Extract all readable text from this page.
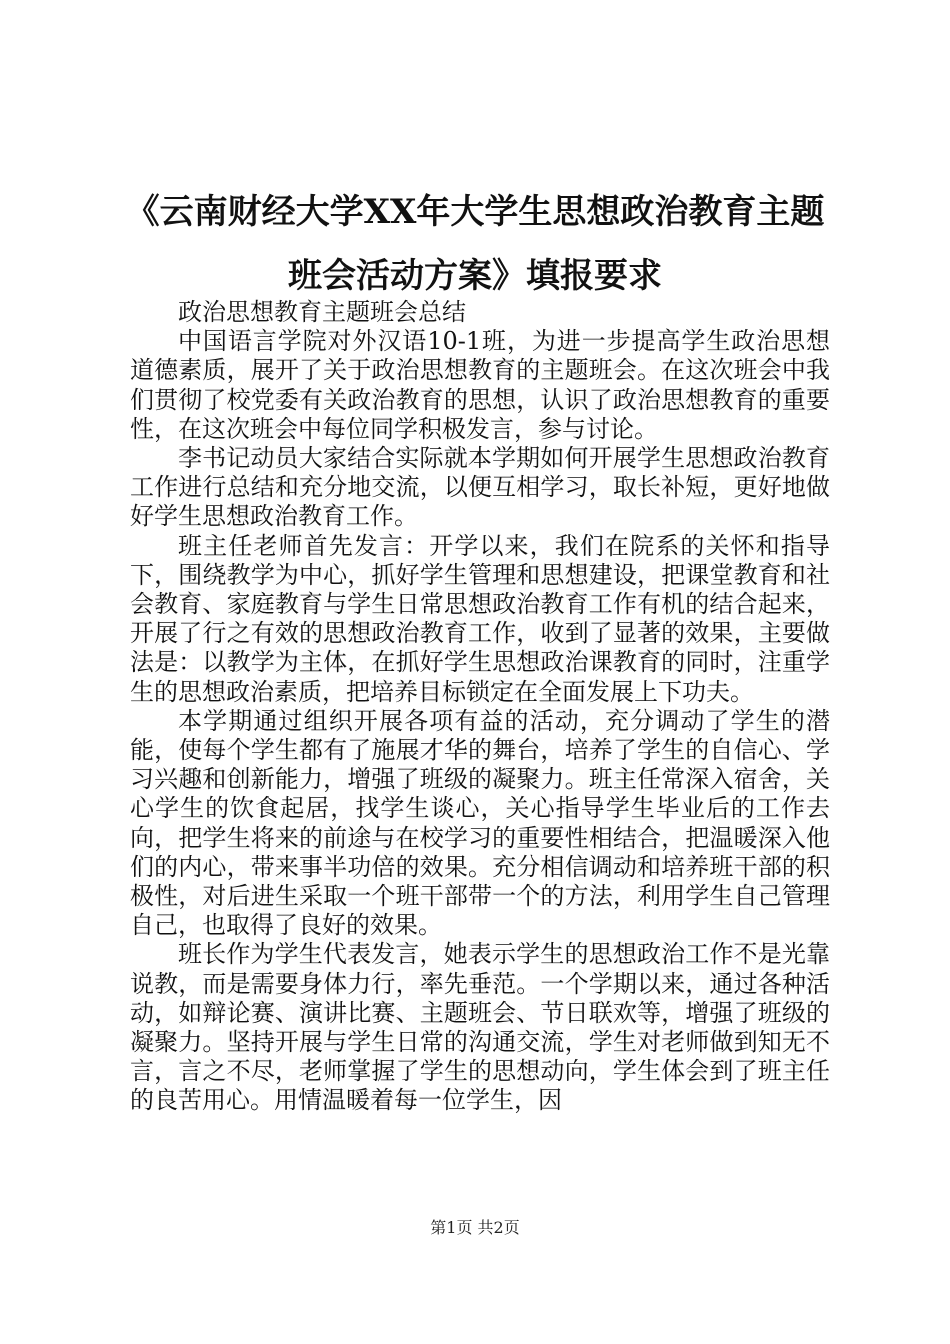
《云南财经大学XX年大学生思想政治教育主题班会活动方案》填报要求

政治思想教育主题班会总结

中国语言学院对外汉语10-1班，为进一步提高学生政治思想道德素质，展开了关于政治思想教育的主题班会。在这次班会中我们贯彻了校党委有关政治教育的思想，认识了政治思想教育的重要性，在这次班会中每位同学积极发言，参与讨论。

李书记动员大家结合实际就本学期如何开展学生思想政治教育工作进行总结和充分地交流，以便互相学习，取长补短，更好地做好学生思想政治教育工作。

班主任老师首先发言：开学以来，我们在院系的关怀和指导下，围绕教学为中心，抓好学生管理和思想建设，把课堂教育和社会教育、家庭教育与学生日常思想政治教育工作有机的结合起来，开展了行之有效的思想政治教育工作，收到了显著的效果，主要做法是：以教学为主体，在抓好学生思想政治课教育的同时，注重学生的思想政治素质，把培养目标锁定在全面发展上下功夫。

本学期通过组织开展各项有益的活动，充分调动了学生的潜能，使每个学生都有了施展才华的舞台，培养了学生的自信心、学习兴趣和创新能力，增强了班级的凝聚力。班主任常深入宿舍，关心学生的饮食起居，找学生谈心，关心指导学生毕业后的工作去向，把学生将来的前途与在校学习的重要性相结合，把温暖深入他们的内心，带来事半功倍的效果。充分相信调动和培养班干部的积极性，对后进生采取一个班干部带一个的方法，利用学生自己管理自己，也取得了良好的效果。

班长作为学生代表发言，她表示学生的思想政治工作不是光靠说教，而是需要身体力行，率先垂范。一个学期以来，通过各种活动，如辩论赛、演讲比赛、主题班会、节日联欢等，增强了班级的凝聚力。坚持开展与学生日常的沟通交流，学生对老师做到知无不言，言之不尽，老师掌握了学生的思想动向，学生体会到了班主任的良苦用心。用情温暖着每一位学生，因

第1页 共2页
